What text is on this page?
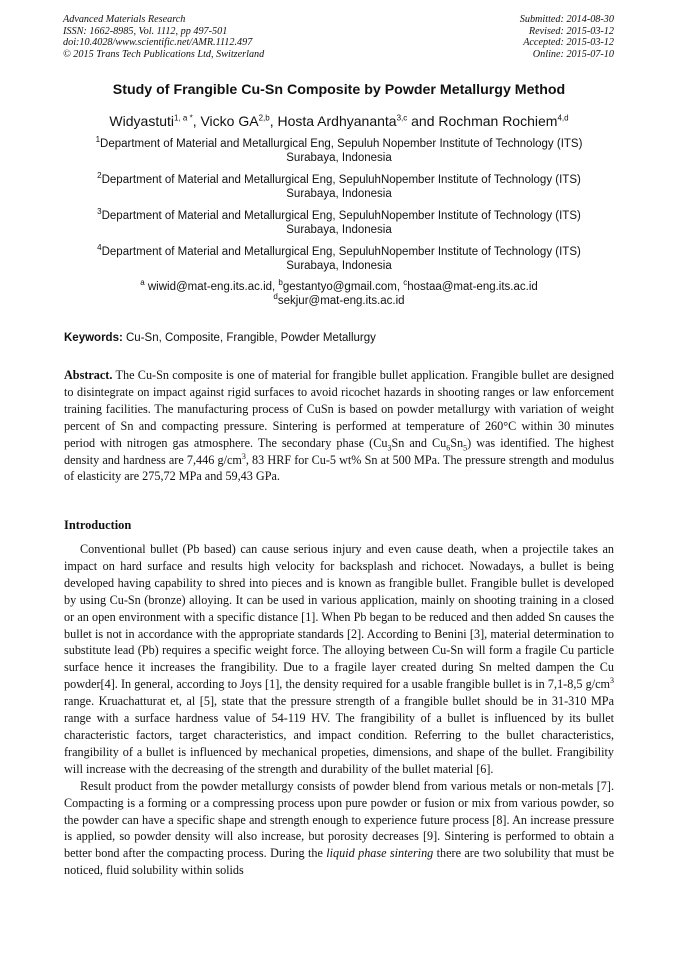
Advanced Materials Research
ISSN: 1662-8985, Vol. 1112, pp 497-501
doi:10.4028/www.scientific.net/AMR.1112.497
© 2015 Trans Tech Publications Ltd, Switzerland
Submitted: 2014-08-30
Revised: 2015-03-12
Accepted: 2015-03-12
Online: 2015-07-10
Study of Frangible Cu-Sn Composite by Powder Metallurgy Method
Widyastuti$^{1, a *}$, Vicko GA$^{2,b}$, Hosta Ardhyananta$^{3,c}$ and Rochman Rochiem$^{4,d}$
$^1$Department of Material and Metallurgical Eng, Sepuluh Nopember Institute of Technology (ITS)
Surabaya, Indonesia
$^2$Department of Material and Metallurgical Eng, SepuluhNopember Institute of Technology (ITS)
Surabaya, Indonesia
$^3$Department of Material and Metallurgical Eng, SepuluhNopember Institute of Technology (ITS)
Surabaya, Indonesia
$^4$Department of Material and Metallurgical Eng, SepuluhNopember Institute of Technology (ITS)
Surabaya, Indonesia
$^a$ wiwid@mat-eng.its.ac.id, $^b$gestantyo@gmail.com, $^c$hostaa@mat-eng.its.ac.id
$^d$sekjur@mat-eng.its.ac.id
Keywords: Cu-Sn, Composite, Frangible, Powder Metallurgy
Abstract. The Cu-Sn composite is one of material for frangible bullet application. Frangible bullet are designed to disintegrate on impact against rigid surfaces to avoid ricochet hazards in shooting ranges or law enforcement training facilities. The manufacturing process of CuSn is based on powder metallurgy with variation of weight percent of Sn and compacting pressure. Sintering is performed at temperature of 260°C within 30 minutes period with nitrogen gas atmosphere. The secondary phase ($Cu_3Sn$ and $Cu_6Sn_5$) was identified. The highest density and hardness are 7,446 $g/cm^3$, 83 HRF for Cu-5 wt% Sn at 500 MPa. The pressure strength and modulus of elasticity are 275,72 MPa and 59,43 GPa.
Introduction

Conventional bullet (Pb based) can cause serious injury and even cause death, when a projectile takes an impact on hard surface and results high velocity for backsplash and richocet. Nowadays, a bullet is being developed having capability to shred into pieces and is known as frangible bullet. Frangible bullet is developed by using Cu-Sn (bronze) alloying. It can be used in various application, mainly on shooting training in a closed or an open environment with a specific distance [1]. When Pb began to be reduced and then added Sn causes the bullet is not in accordance with the appropriate standards [2]. According to Benini [3], material determination to substitute lead (Pb) requires a specific weight force. The alloying between Cu-Sn will form a fragile Cu particle surface hence it increases the frangibility. Due to a fragile layer created during Sn melted dampen the Cu powder[4]. In general, according to Joys [1], the density required for a usable frangible bullet is in 7,1-8,5 $g/cm^3$ range. Kruachatturat et, al [5], state that the pressure strength of a frangible bullet should be in 31-310 MPa range with a surface hardness value of 54-119 HV. The frangibility of a bullet is influenced by its bullet characteristic factors, target characteristics, and impact condition. Referring to the bullet characteristics, frangibility of a bullet is influenced by mechanical propeties, dimensions, and shape of the bullet. Frangibility will increase with the decreasing of the strength and durability of the bullet material [6].

Result product from the powder metallurgy consists of powder blend from various metals or non-metals [7]. Compacting is a forming or a compressing process upon pure powder or fusion or mix from various powder, so the powder can have a specific shape and strength enough to experience future process [8]. An increase pressure is applied, so powder density will also increase, but porosity decreases [9]. Sintering is performed to obtain a better bond after the compacting process. During the liquid phase sintering there are two solubility that must be noticed, fluid solubility within solids
